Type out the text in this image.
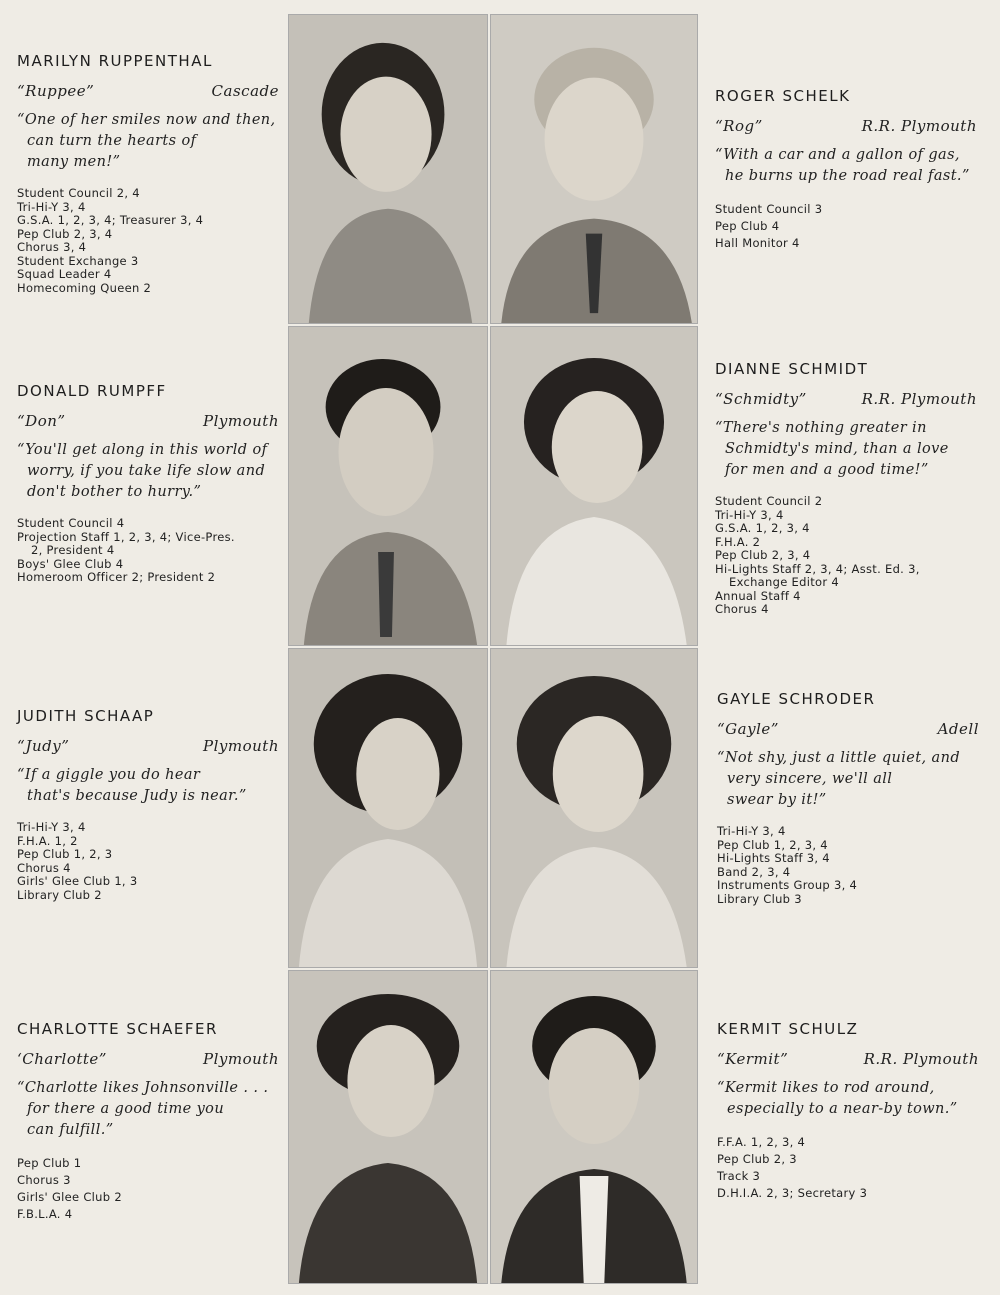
MARILYN RUPPENTHAL
“Ruppee”	Cascade
“One of her smiles now and then,
can turn the hearts of
many men!”
Student Council 2, 4
Tri-Hi-Y 3, 4
G.S.A. 1, 2, 3, 4; Treasurer 3, 4
Pep Club 2, 3, 4
Chorus 3, 4
Student Exchange 3
Squad Leader 4
Homecoming Queen 2
DONALD RUMPFF
“Don”	Plymouth
“You'll get along in this world of
worry, if you take life slow and
don't bother to hurry.”
Student Council 4
Projection Staff 1, 2, 3, 4; Vice-Pres.
2, President 4
Boys' Glee Club 4
Homeroom Officer 2; President 2
JUDITH SCHAAP
“Judy”	Plymouth
“If a giggle you do hear
that's because Judy is near.”
Tri-Hi-Y 3, 4
F.H.A. 1, 2
Pep Club 1, 2, 3
Chorus 4
Girls' Glee Club 1, 3
Library Club 2
CHARLOTTE SCHAEFER
‘Charlotte”	Plymouth
“Charlotte likes Johnsonville . . .
for there a good time you
can fulfill.”
Pep Club 1
Chorus 3
Girls' Glee Club 2
F.B.L.A. 4
ROGER SCHELK
“Rog”	R.R. Plymouth
“With a car and a gallon of gas,
he burns up the road real fast.”
Student Council 3
Pep Club 4
Hall Monitor 4
DIANNE SCHMIDT
“Schmidty”	R.R. Plymouth
“There's nothing greater in
Schmidty's mind, than a love
for men and a good time!”
Student Council 2
Tri-Hi-Y 3, 4
G.S.A. 1, 2, 3, 4
F.H.A. 2
Pep Club 2, 3, 4
Hi-Lights Staff 2, 3, 4; Asst. Ed. 3,
Exchange Editor 4
Annual Staff 4
Chorus 4
GAYLE SCHRODER
“Gayle”	Adell
“Not shy, just a little quiet, and
very sincere, we'll all
swear by it!”
Tri-Hi-Y 3, 4
Pep Club 1, 2, 3, 4
Hi-Lights Staff 3, 4
Band 2, 3, 4
Instruments Group 3, 4
Library Club 3
KERMIT SCHULZ
“Kermit”	R.R. Plymouth
“Kermit likes to rod around,
especially to a near-by town.”
F.F.A. 1, 2, 3, 4
Pep Club 2, 3
Track 3
D.H.I.A. 2, 3; Secretary 3
